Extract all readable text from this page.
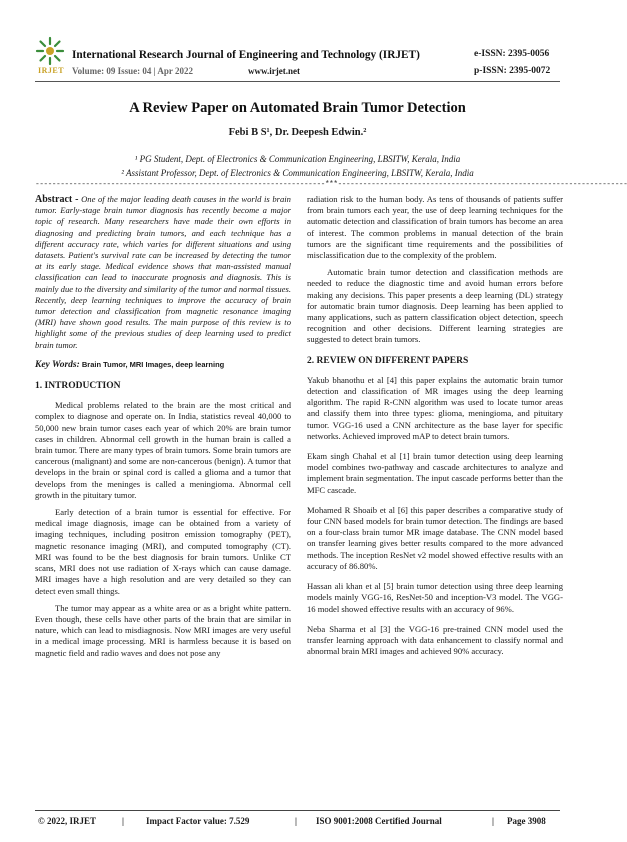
IRJET
International Research Journal of Engineering and Technology (IRJET)	e-ISSN: 2395-0056
Volume: 09 Issue: 04 | Apr 2022	www.irjet.net	p-ISSN: 2395-0072
A Review Paper on Automated Brain Tumor Detection
Febi B S¹, Dr. Deepesh Edwin.²
¹ PG Student, Dept. of Electronics & Communication Engineering, LBSITW, Kerala, India
² Assistant Professor, Dept. of Electronics & Communication Engineering, LBSITW, Kerala, India
---------------------------------------------------------------------***---------------------------------------------------------------------

Abstract - One of the major leading death causes in the world is brain tumor. Early-stage brain tumor diagnosis has recently become a major topic of research. Many researchers have made their own efforts in diagnosing and predicting brain tumors, and each technique has a different accuracy rate, which varies for different situations and using datasets. Patient's survival rate can be increased by detecting the tumor at its early stage. Medical evidence shows that man-assisted manual classification can lead to inaccurate prognosis and diagnosis. This is mainly due to the diversity and similarity of the tumor and normal tissues. Recently, deep learning techniques to improve the accuracy of brain tumor detection and classification from magnetic resonance imaging (MRI) have shown good results. The main purpose of this review is to highlight some of the previous studies of deep learning used to predict brain tumor.

Key Words: Brain Tumor, MRI Images, deep learning

1. INTRODUCTION

Medical problems related to the brain are the most critical and complex to diagnose and operate on. In India, statistics reveal 40,000 to 50,000 new brain tumor cases each year of which 20% are brain tumor cases in children. Abnormal cell growth in the human brain is called a brain tumor. There are many types of brain tumors. Some brain tumors are cancerous (malignant) and some are non-cancerous (benign). A tumor that develops in the brain or spinal cord is called a glioma and a tumor that develops from the meninges is called a meningioma. Abnormal cell growth in the pituitary tumor.

Early detection of a brain tumor is essential for effective. For medical image diagnosis, image can be obtained from a variety of imaging techniques, including positron emission tomography (PET), magnetic resonance imaging (MRI), and computed tomography (CT). MRI was found to be the best diagnosis for brain tumors. Unlike CT scans, MRI does not use radiation of X-rays which can cause damage. MRI images have a high resolution and are very detailed so they can detect even small things.

The tumor may appear as a white area or as a bright white pattern. Even though, these cells have other parts of the brain that are similar in nature, which can lead to misdiagnosis. Now MRI images are very useful in a medical image processing. MRI is harmless because it is based on magnetic field and radio waves and does not pose any

radiation risk to the human body. As tens of thousands of patients suffer from brain tumors each year, the use of deep learning techniques for the automatic detection and classification of brain tumors has become an area of interest. The common problems in manual detection of the brain tumors are the significant time requirements and the possibilities of misclassification due to the complexity of the problem.

Automatic brain tumor detection and classification methods are needed to reduce the diagnostic time and avoid human errors before making any decisions. This paper presents a deep learning (DL) strategy for automatic brain tumor diagnosis. Deep learning has been applied to many applications, such as pattern classification object detection, speech recognition and other decisions. Different learning strategies are suggested to detect brain tumors.

2. REVIEW ON DIFFERENT PAPERS

Yakub bhanothu et al [4] this paper explains the automatic brain tumor detection and classification of MR images using the deep learning algorithm. The rapid R-CNN algorithm was used to locate tumor areas and classify them into three types: glioma, meningioma, and pituitary tumor. VGG-16 used a CNN architecture as the base layer for specific networks. Achieved improved mAP to detect brain tumors.

Ekam singh Chahal et al [1] brain tumor detection using deep learning model combines two-pathway and cascade architectures to analyze and implement brain segmentation. The input cascade performs better than the MFC cascade.

Mohamed R Shoaib et al [6] this paper describes a comparative study of four CNN based models for brain tumor detection. The findings are based on a four-class brain tumor MR image database. The CNN model based on transfer learning gives better results compared to the more advanced methods. The inception ResNet v2 model showed effective results with an accuracy of 86.80%.

Hassan ali khan et al [5] brain tumor detection using three deep learning models mainly VGG-16, ResNet-50 and inception-V3 model. The VGG-16 model showed effective results with an accuracy of 96%.

Neba Sharma et al [3] the VGG-16 pre-trained CNN model used the transfer learning approach with data enhancement to classify normal and abnormal brain MRI images and achieved 90% accuracy.

© 2022, IRJET	| Impact Factor value: 7.529	| ISO 9001:2008 Certified Journal	| Page 3908
